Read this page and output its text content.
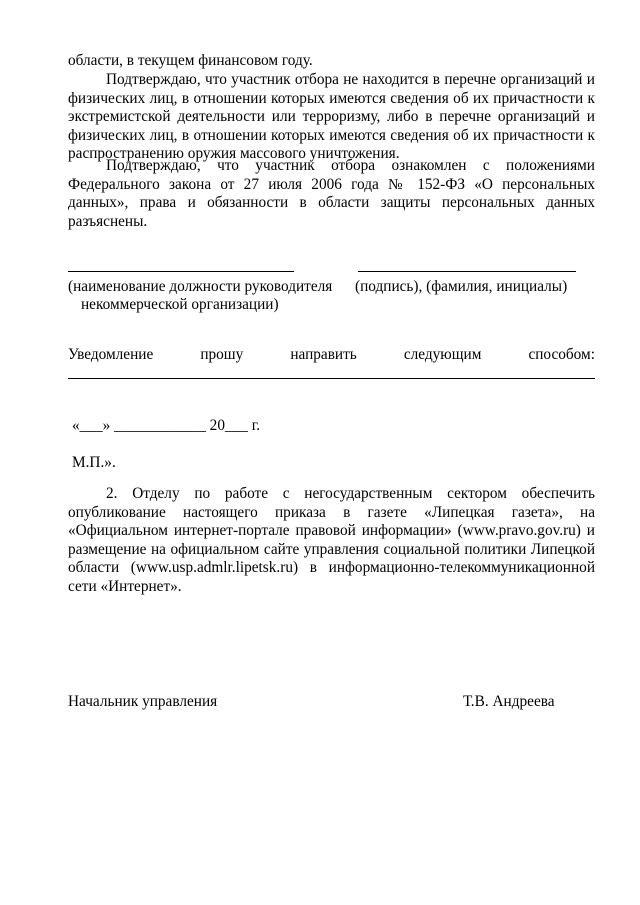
области, в текущем финансовом году.

Подтверждаю, что участник отбора не находится в перечне организаций и физических лиц, в отношении которых имеются сведения об их причастности к экстремистской деятельности или терроризму, либо в перечне организаций и физических лиц, в отношении которых имеются сведения об их причастности к распространению оружия массового уничтожения.

Подтверждаю, что участник отбора ознакомлен с положениями Федерального закона от 27 июля 2006 года № 152-ФЗ «О персональных данных», права и обязанности в области защиты персональных данных разъяснены.

(наименование должности руководителя (подпись), (фамилия, инициалы)
некоммерческой организации)
Уведомление	прошу	направить	следующим	способом:
«___» ____________ 20___ г.
М.П.».

2. Отделу по работе с негосударственным сектором обеспечить опубликование настоящего приказа в газете «Липецкая газета», на «Официальном интернет-портале правовой информации» (www.pravo.gov.ru) и размещение на официальном сайте управления социальной политики Липецкой области (www.usp.admlr.lipetsk.ru) в информационно-телекоммуникационной сети «Интернет».

Начальник управления	Т.В. Андреева
